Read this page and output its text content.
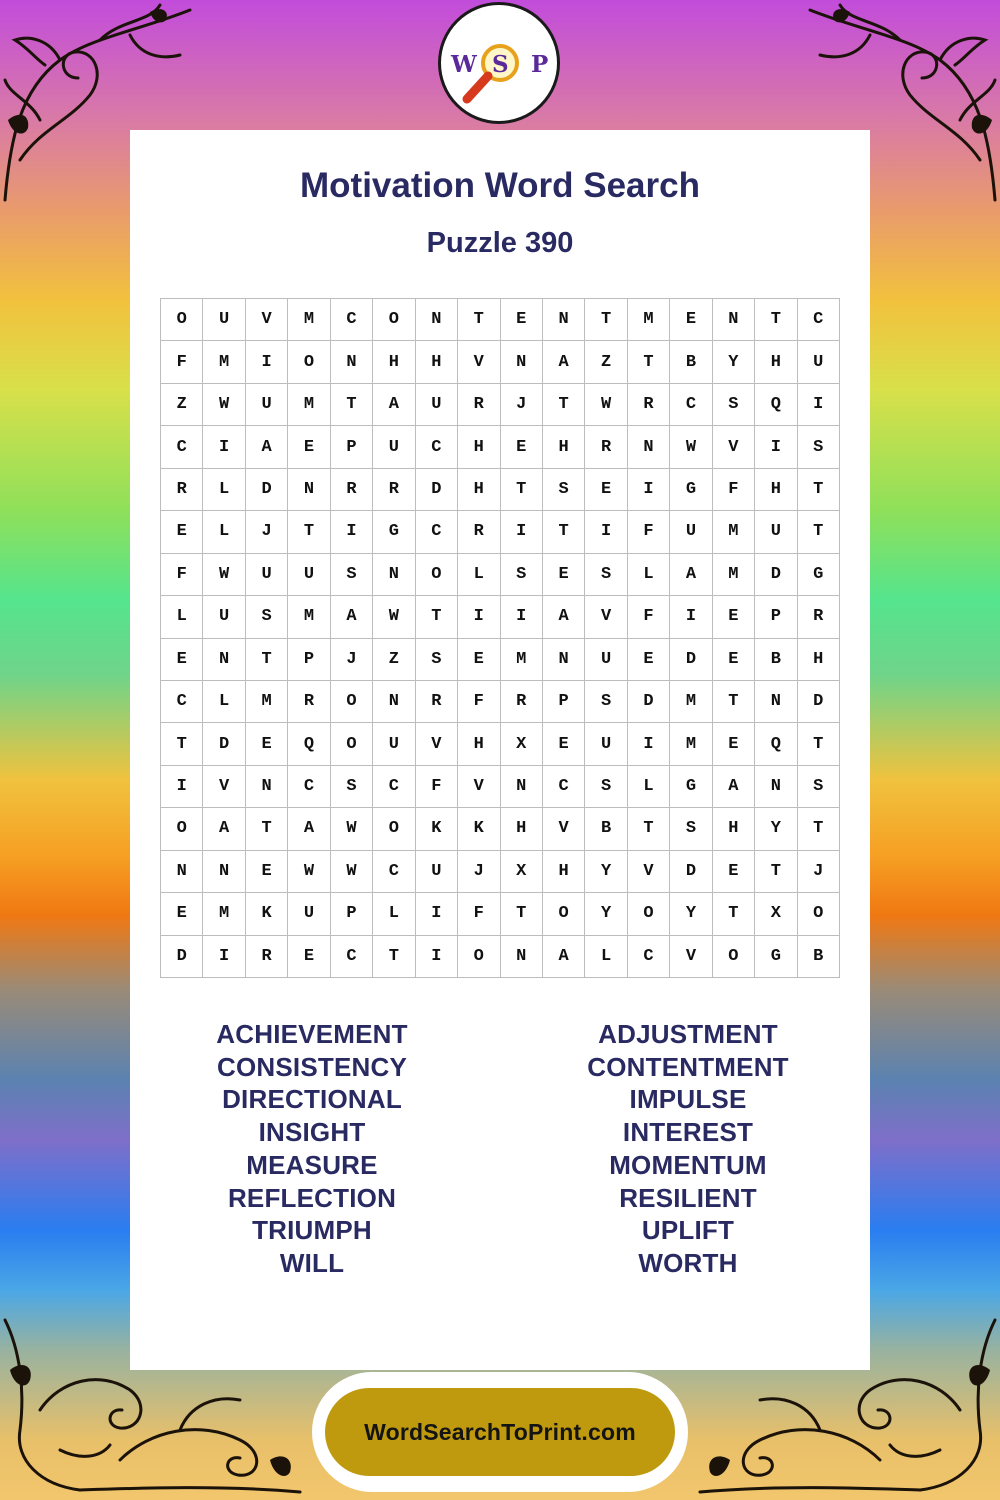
W S P
Motivation Word Search
Puzzle 390
O	U	V	M	C	O	N	T	E	N	T	M	E	N	T	C
F	M	I	O	N	H	H	V	N	A	Z	T	B	Y	H	U
Z	W	U	M	T	A	U	R	J	T	W	R	C	S	Q	I
C	I	A	E	P	U	C	H	E	H	R	N	W	V	I	S
R	L	D	N	R	R	D	H	T	S	E	I	G	F	H	T
E	L	J	T	I	G	C	R	I	T	I	F	U	M	U	T
F	W	U	U	S	N	O	L	S	E	S	L	A	M	D	G
L	U	S	M	A	W	T	I	I	A	V	F	I	E	P	R
E	N	T	P	J	Z	S	E	M	N	U	E	D	E	B	H
C	L	M	R	O	N	R	F	R	P	S	D	M	T	N	D
T	D	E	Q	O	U	V	H	X	E	U	I	M	E	Q	T
I	V	N	C	S	C	F	V	N	C	S	L	G	A	N	S
O	A	T	A	W	O	K	K	H	V	B	T	S	H	Y	T
N	N	E	W	W	C	U	J	X	H	Y	V	D	E	T	J
E	M	K	U	P	L	I	F	T	O	Y	O	Y	T	X	O
D	I	R	E	C	T	I	O	N	A	L	C	V	O	G	B
ACHIEVEMENT
CONSISTENCY
DIRECTIONAL
INSIGHT
MEASURE
REFLECTION
TRIUMPH
WILL
ADJUSTMENT
CONTENTMENT
IMPULSE
INTEREST
MOMENTUM
RESILIENT
UPLIFT
WORTH
WordSearchToPrint.com
